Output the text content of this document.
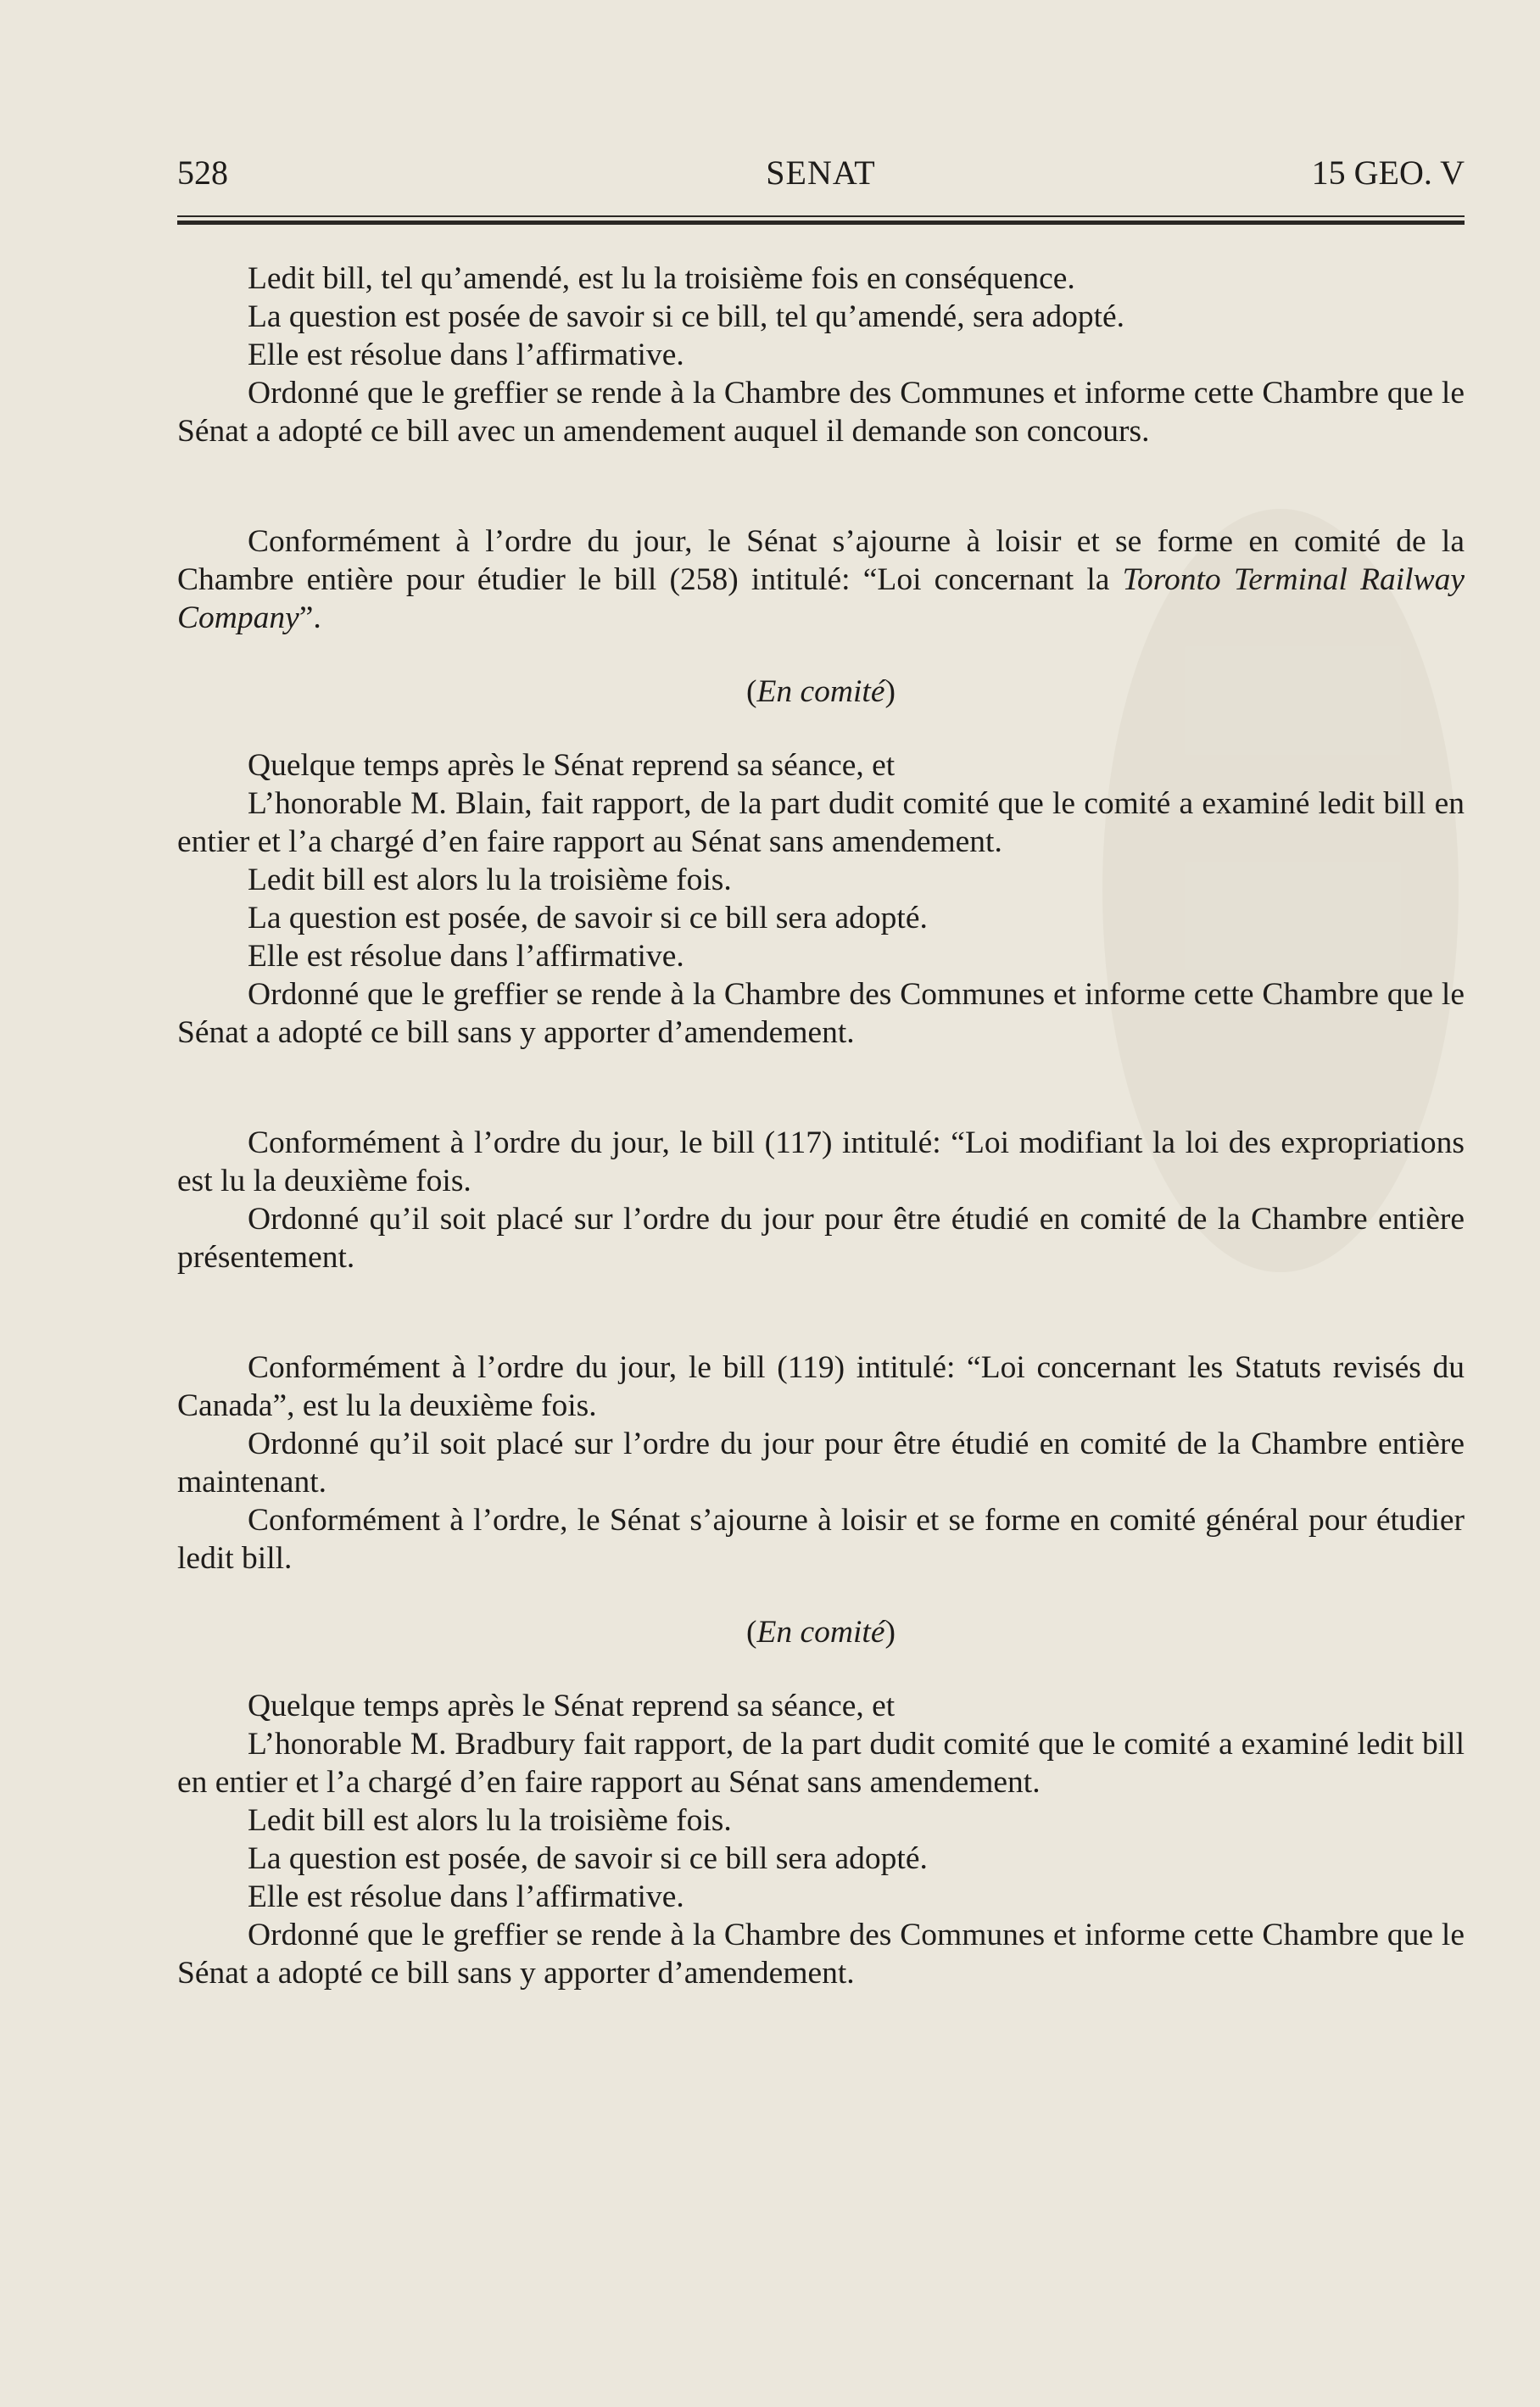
528	SENAT	15 GEO. V

Ledit bill, tel qu’amendé, est lu la troisième fois en conséquence.

La question est posée de savoir si ce bill, tel qu’amendé, sera adopté.

Elle est résolue dans l’affirmative.

Ordonné que le greffier se rende à la Chambre des Communes et informe cette Chambre que le Sénat a adopté ce bill avec un amendement auquel il demande son concours.

Conformément à l’ordre du jour, le Sénat s’ajourne à loisir et se forme en comité de la Chambre entière pour étudier le bill (258) intitulé: “Loi concernant la Toronto Terminal Railway Company”.

(En comité)

Quelque temps après le Sénat reprend sa séance, et

L’honorable M. Blain, fait rapport, de la part dudit comité que le comité a examiné ledit bill en entier et l’a chargé d’en faire rapport au Sénat sans amendement.

Ledit bill est alors lu la troisième fois.

La question est posée, de savoir si ce bill sera adopté.

Elle est résolue dans l’affirmative.

Ordonné que le greffier se rende à la Chambre des Communes et informe cette Chambre que le Sénat a adopté ce bill sans y apporter d’amendement.

Conformément à l’ordre du jour, le bill (117) intitulé: “Loi modifiant la loi des expropriations est lu la deuxième fois.

Ordonné qu’il soit placé sur l’ordre du jour pour être étudié en comité de la Chambre entière présentement.

Conformément à l’ordre du jour, le bill (119) intitulé: “Loi concernant les Statuts revisés du Canada”, est lu la deuxième fois.

Ordonné qu’il soit placé sur l’ordre du jour pour être étudié en comité de la Chambre entière maintenant.

Conformément à l’ordre, le Sénat s’ajourne à loisir et se forme en comité général pour étudier ledit bill.

(En comité)

Quelque temps après le Sénat reprend sa séance, et

L’honorable M. Bradbury fait rapport, de la part dudit comité que le comité a examiné ledit bill en entier et l’a chargé d’en faire rapport au Sénat sans amendement.

Ledit bill est alors lu la troisième fois.

La question est posée, de savoir si ce bill sera adopté.

Elle est résolue dans l’affirmative.

Ordonné que le greffier se rende à la Chambre des Communes et informe cette Chambre que le Sénat a adopté ce bill sans y apporter d’amendement.
